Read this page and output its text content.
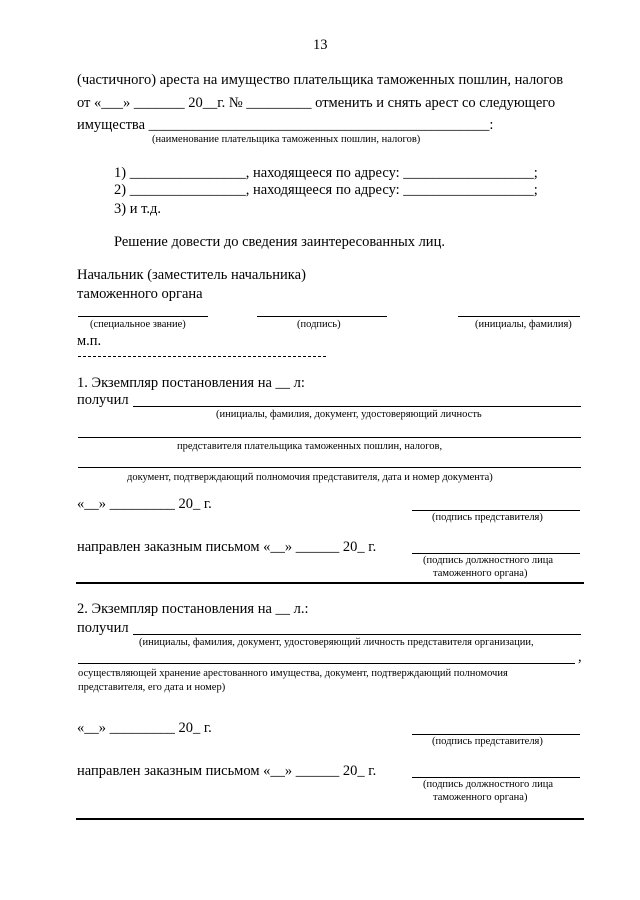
13
(частичного) ареста на имущество плательщика таможенных пошлин, налогов
от «___» _______ 20__г. № _________ отменить и снять арест со следующего
имущества _______________________________________________:
(наименование плательщика таможенных пошлин, налогов)
1) ________________, находящееся по адресу: __________________;
2) ________________, находящееся по адресу: __________________;
3) и т.д.
Решение довести до сведения заинтересованных лиц.
Начальник (заместитель начальника)
таможенного органа
(специальное звание)	(подпись)	(инициалы, фамилия)
м.п.
1. Экземпляр постановления на __ л:
получил
(инициалы, фамилия, документ, удостоверяющий личность
представителя плательщика таможенных пошлин, налогов,
документ, подтверждающий полномочия представителя, дата и номер документа)
«__» _________ 20_ г.
(подпись представителя)
направлен заказным письмом «__» ______ 20_ г.
(подпись должностного лица
таможенного органа)
2. Экземпляр постановления на __ л.:
получил
(инициалы, фамилия, документ, удостоверяющий личность представителя организации,
,
осуществляющей хранение арестованного имущества, документ, подтверждающий полномочия
представителя, его дата и номер)
«__» _________ 20_ г.
(подпись представителя)
направлен заказным письмом «__» ______ 20_ г.
(подпись должностного лица
таможенного органа)
